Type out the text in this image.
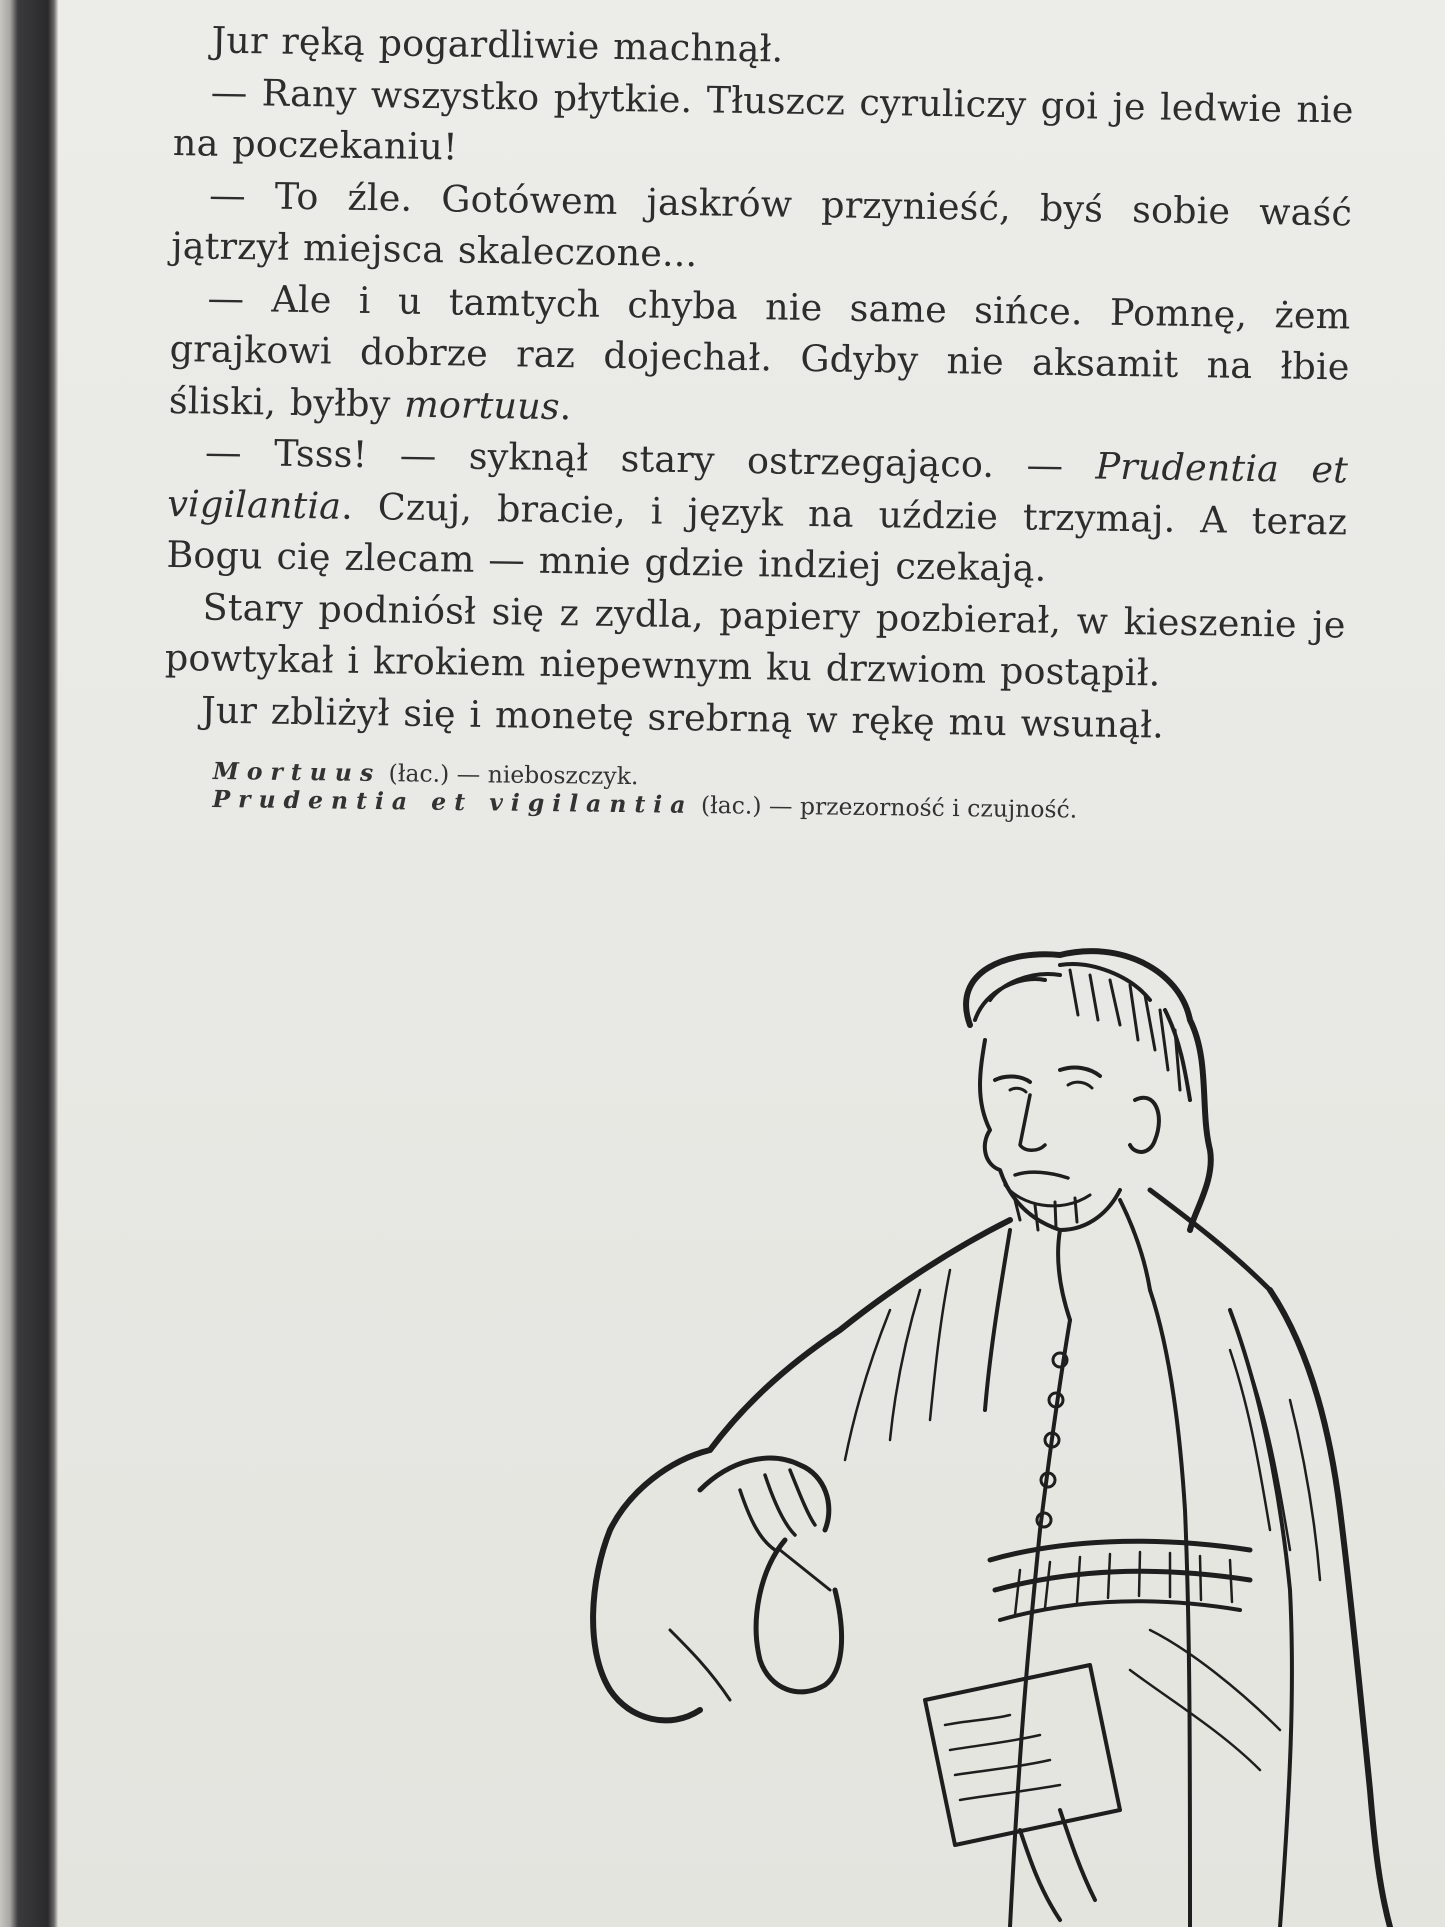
Jur ręką pogardliwie machnął.

— Rany wszystko płytkie. Tłuszcz cyruliczy goi je ledwie nie na poczekaniu!

— To źle. Gotówem jaskrów przynieść, byś sobie waść jątrzył miejsca skaleczone...

— Ale i u tamtych chyba nie same sińce. Pomnę, żem grajkowi dobrze raz dojechał. Gdyby nie aksamit na łbie śliski, byłby mortuus.

— Tsss! — syknął stary ostrzegająco. — Prudentia et vigilantia. Czuj, bracie, i język na uździe trzymaj. A teraz Bogu cię zlecam — mnie gdzie indziej czekają.

Stary podniósł się z zydla, papiery pozbierał, w kieszenie je powtykał i krokiem niepewnym ku drzwiom postąpił.

Jur zbliżył się i monetę srebrną w rękę mu wsunął.

Mortuus (łac.) — nieboszczyk.

Prudentia et vigilantia (łac.) — przezorność i czujność.
